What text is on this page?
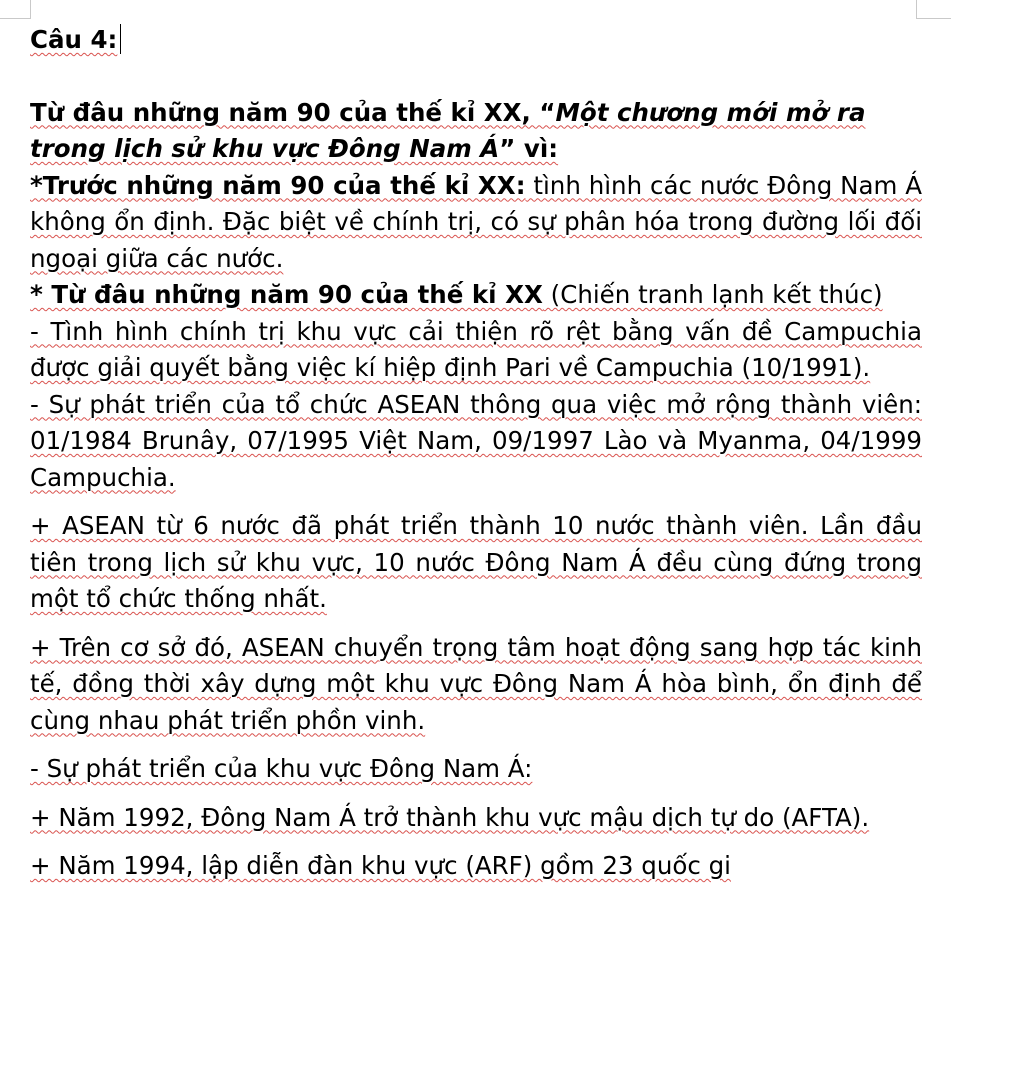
Câu 4:

Từ đâu những năm 90 của thế kỉ XX, “Một chương mới mở ra trong lịch sử khu vực Đông Nam Á” vì:

*Trước những năm 90 của thế kỉ XX: tình hình các nước Đông Nam Á không ổn định. Đặc biệt về chính trị, có sự phân hóa trong đường lối đối ngoại giữa các nước.

* Từ đâu những năm 90 của thế kỉ XX (Chiến tranh lạnh kết thúc)

- Tình hình chính trị khu vực cải thiện rõ rệt bằng vấn đề Campuchia được giải quyết bằng việc kí hiệp định Pari về Campuchia (10/1991).

- Sự phát triển của tổ chức ASEAN thông qua việc mở rộng thành viên: 01/1984 Brunây, 07/1995 Việt Nam, 09/1997 Lào và Myanma, 04/1999 Campuchia.

+ ASEAN từ 6 nước đã phát triển thành 10 nước thành viên. Lần đầu tiên trong lịch sử khu vực, 10 nước Đông Nam Á đều cùng đứng trong một tổ chức thống nhất.

+ Trên cơ sở đó, ASEAN chuyển trọng tâm hoạt động sang hợp tác kinh tế, đồng thời xây dựng một khu vực Đông Nam Á hòa bình, ổn định để cùng nhau phát triển phồn vinh.

- Sự phát triển của khu vực Đông Nam Á:

+ Năm 1992, Đông Nam Á trở thành khu vực mậu dịch tự do (AFTA).

+ Năm 1994, lập diễn đàn khu vực (ARF) gồm 23 quốc gi
